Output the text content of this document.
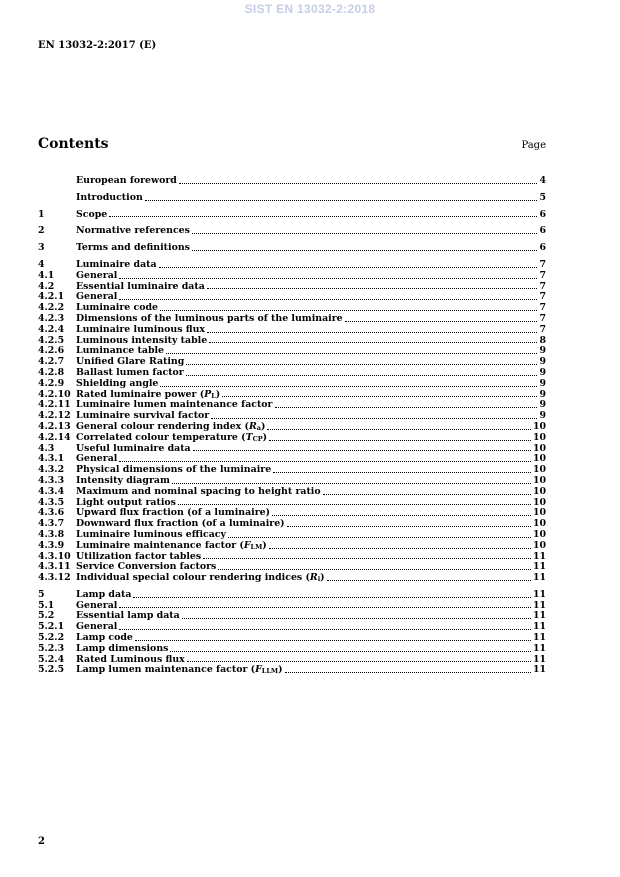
SIST EN 13032-2:2018
EN 13032-2:2017 (E)
Contents	Page
European foreword	4
Introduction	5
1	Scope	6
2	Normative references	6
3	Terms and definitions	6
4	Luminaire data	7
4.1	General	7
4.2	Essential luminaire data	7
4.2.1	General	7
4.2.2	Luminaire code	7
4.2.3	Dimensions of the luminous parts of the luminaire	7
4.2.4	Luminaire luminous flux	7
4.2.5	Luminous intensity table	8
4.2.6	Luminance table	9
4.2.7	Unified Glare Rating	9
4.2.8	Ballast lumen factor	9
4.2.9	Shielding angle	9
4.2.10 Rated luminaire power $(P_L)$	9
4.2.11 Luminaire lumen maintenance factor	9
4.2.12 Luminaire survival factor	9
4.2.13 General colour rendering index $(R_a)$	10
4.2.14 Correlated colour temperature $(T_{CP})$	10
4.3	Useful luminaire data	10
4.3.1	General	10
4.3.2	Physical dimensions of the luminaire	10
4.3.3	Intensity diagram	10
4.3.4	Maximum and nominal spacing to height ratio	10
4.3.5	Light output ratios	10
4.3.6	Upward flux fraction (of a luminaire)	10
4.3.7	Downward flux fraction (of a luminaire)	10
4.3.8	Luminaire luminous efficacy	10
4.3.9	Luminaire maintenance factor $(F_{LM})$	10
4.3.10 Utilization factor tables	11
4.3.11 Service Conversion factors	11
4.3.12 Individual special colour rendering indices $(R_i)$	11
5	Lamp data	11
5.1	General	11
5.2	Essential lamp data	11
5.2.1	General	11
5.2.2	Lamp code	11
5.2.3	Lamp dimensions	11
5.2.4	Rated Luminous flux	11
5.2.5	Lamp lumen maintenance factor $(F_{LLM})$	11
2
